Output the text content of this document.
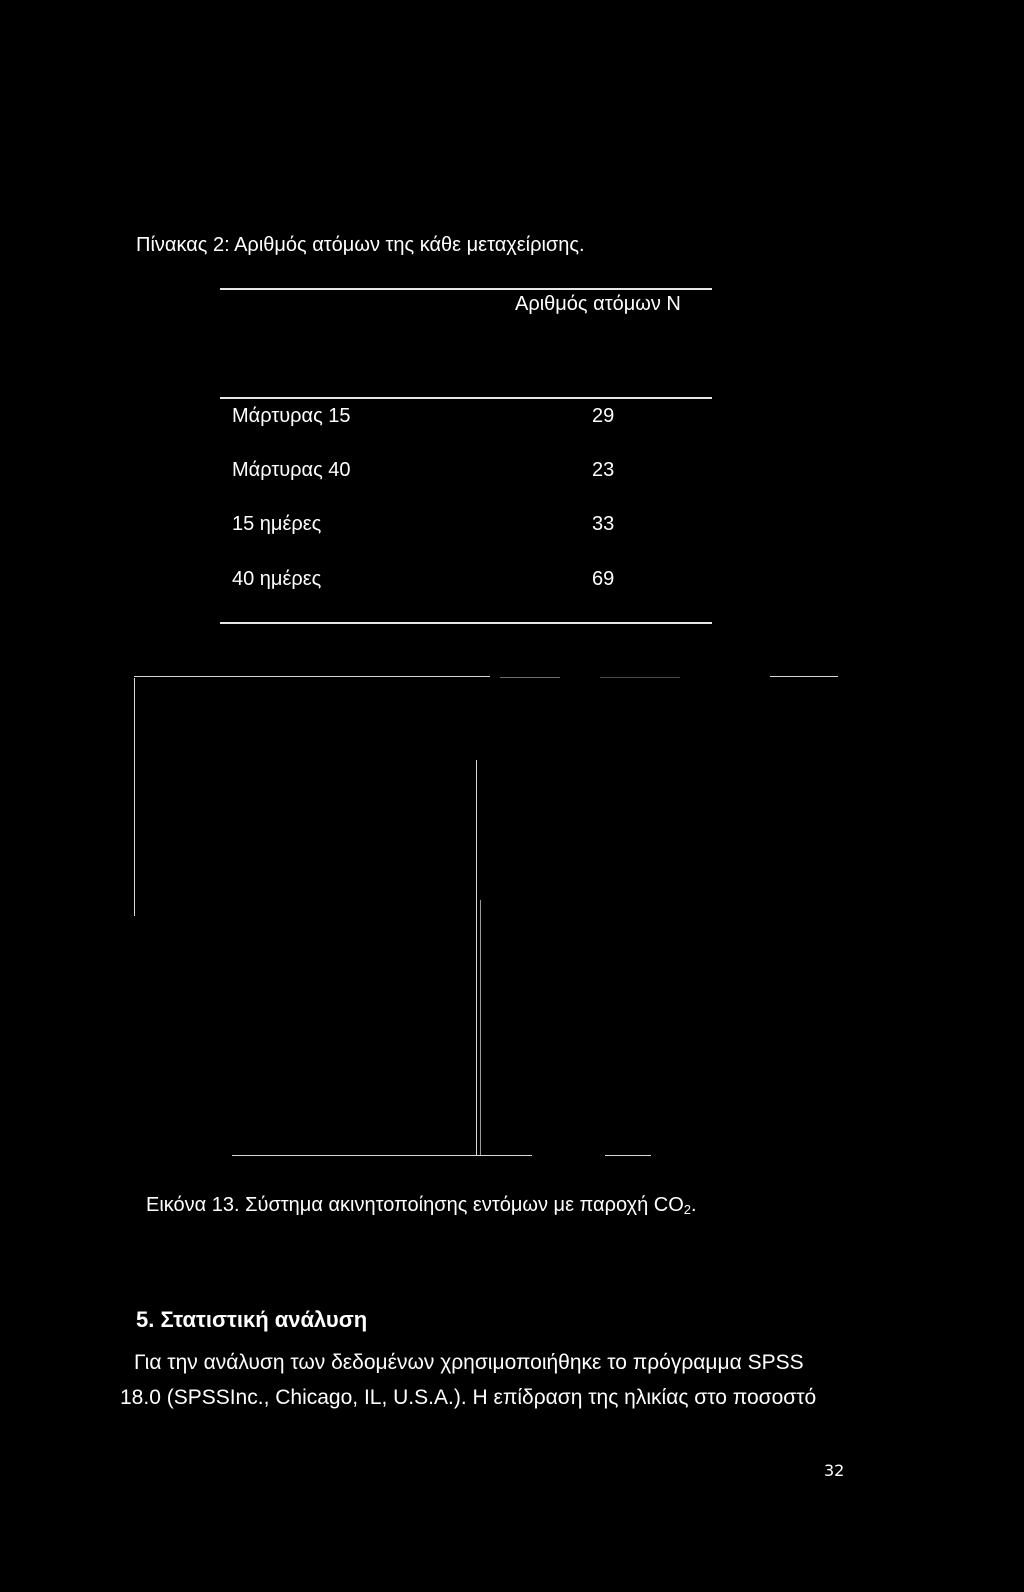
Πίνακας 2: Αριθμός ατόμων της κάθε μεταχείρισης.
Αριθμός ατόμων Ν
Μάρτυρας 15	29
Μάρτυρας 40	23
15 ημέρες	33
40 ημέρες	69
Εικόνα 13. Σύστημα ακινητοποίησης εντόμων με παροχή $CO_2$.
5. Στατιστική ανάλυση
Για την ανάλυση των δεδομένων χρησιμοποιήθηκε το πρόγραμμα SPSS
18.0 (SPSSInc., Chicago, IL, U.S.A.). Η επίδραση της ηλικίας στο ποσοστό
32
